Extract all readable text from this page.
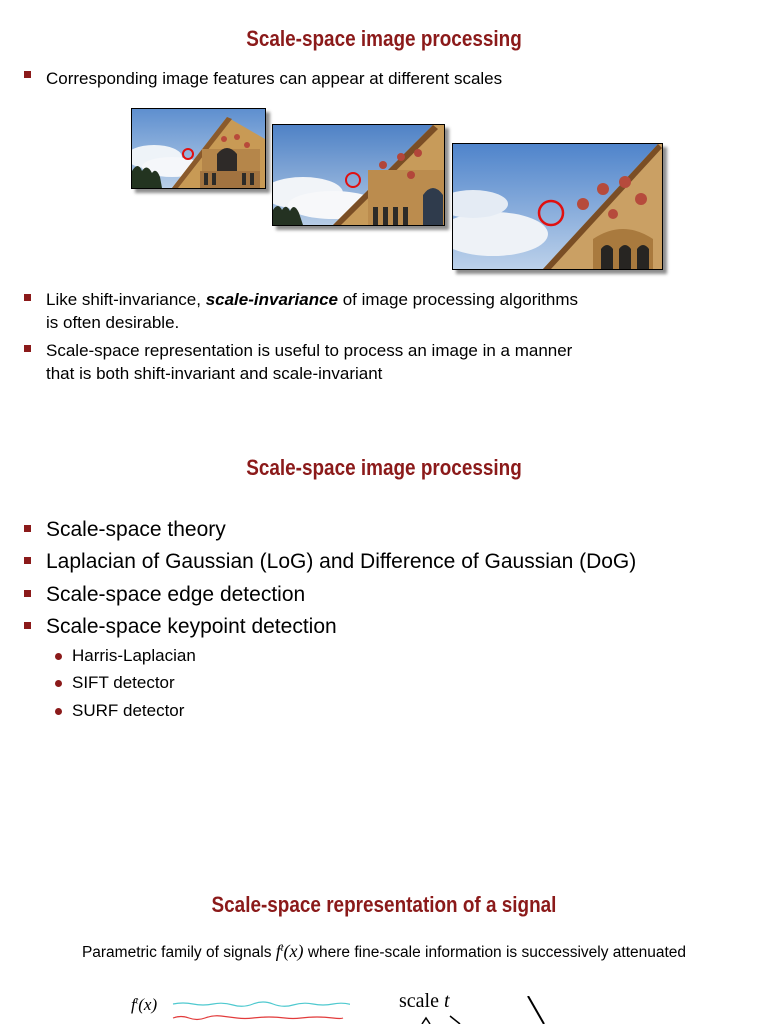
Scale-space image processing
Corresponding image features can appear at different scales
Like shift-invariance, scale-invariance of image processing algorithms
is often desirable.
Scale-space representation is useful to process an image in a manner
that is both shift-invariant and scale-invariant
Scale-space image processing
Scale-space theory
Laplacian of Gaussian (LoG) and Difference of Gaussian (DoG)
Scale-space edge detection
Scale-space keypoint detection
Harris-Laplacian
SIFT detector
SURF detector
Scale-space representation of a signal
Parametric family of signals $f^t(x)$ where fine-scale information is successively attenuated
$f^t(x)$	scale t
